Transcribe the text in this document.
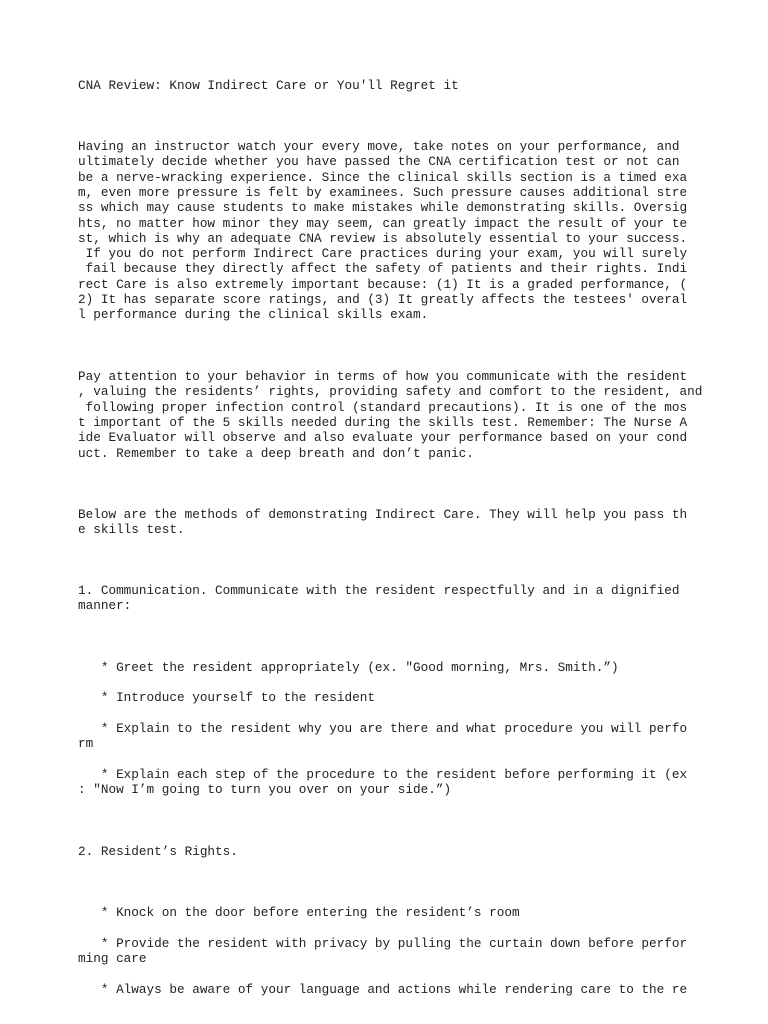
CNA Review: Know Indirect Care or You'll Regret it

Having an instructor watch your every move, take notes on your performance, and

ultimately decide whether you have passed the CNA certification test or not can

be a nerve-wracking experience. Since the clinical skills section is a timed exa

m, even more pressure is felt by examinees. Such pressure causes additional stre

ss which may cause students to make mistakes while demonstrating skills. Oversig

hts, no matter how minor they may seem, can greatly impact the result of your te

st, which is why an adequate CNA review is absolutely essential to your success.

If you do not perform Indirect Care practices during your exam, you will surely

fail because they directly affect the safety of patients and their rights. Indi

rect Care is also extremely important because: (1) It is a graded performance, (

2) It has separate score ratings, and (3) It greatly affects the testees' overal

l performance during the clinical skills exam.

Pay attention to your behavior in terms of how you communicate with the resident

, valuing the residents’ rights, providing safety and comfort to the resident, and

following proper infection control (standard precautions). It is one of the mos

t important of the 5 skills needed during the skills test. Remember: The Nurse A

ide Evaluator will observe and also evaluate your performance based on your cond

uct. Remember to take a deep breath and don’t panic.

Below are the methods of demonstrating Indirect Care. They will help you pass th

e skills test.

1. Communication. Communicate with the resident respectfully and in a dignified

manner:

* Greet the resident appropriately (ex. "Good morning, Mrs. Smith.”)

* Introduce yourself to the resident

* Explain to the resident why you are there and what procedure you will perfo

rm

* Explain each step of the procedure to the resident before performing it (ex

: "Now I’m going to turn you over on your side.”)

2. Resident’s Rights.

* Knock on the door before entering the resident’s room

* Provide the resident with privacy by pulling the curtain down before perfor

ming care

* Always be aware of your language and actions while rendering care to the re
